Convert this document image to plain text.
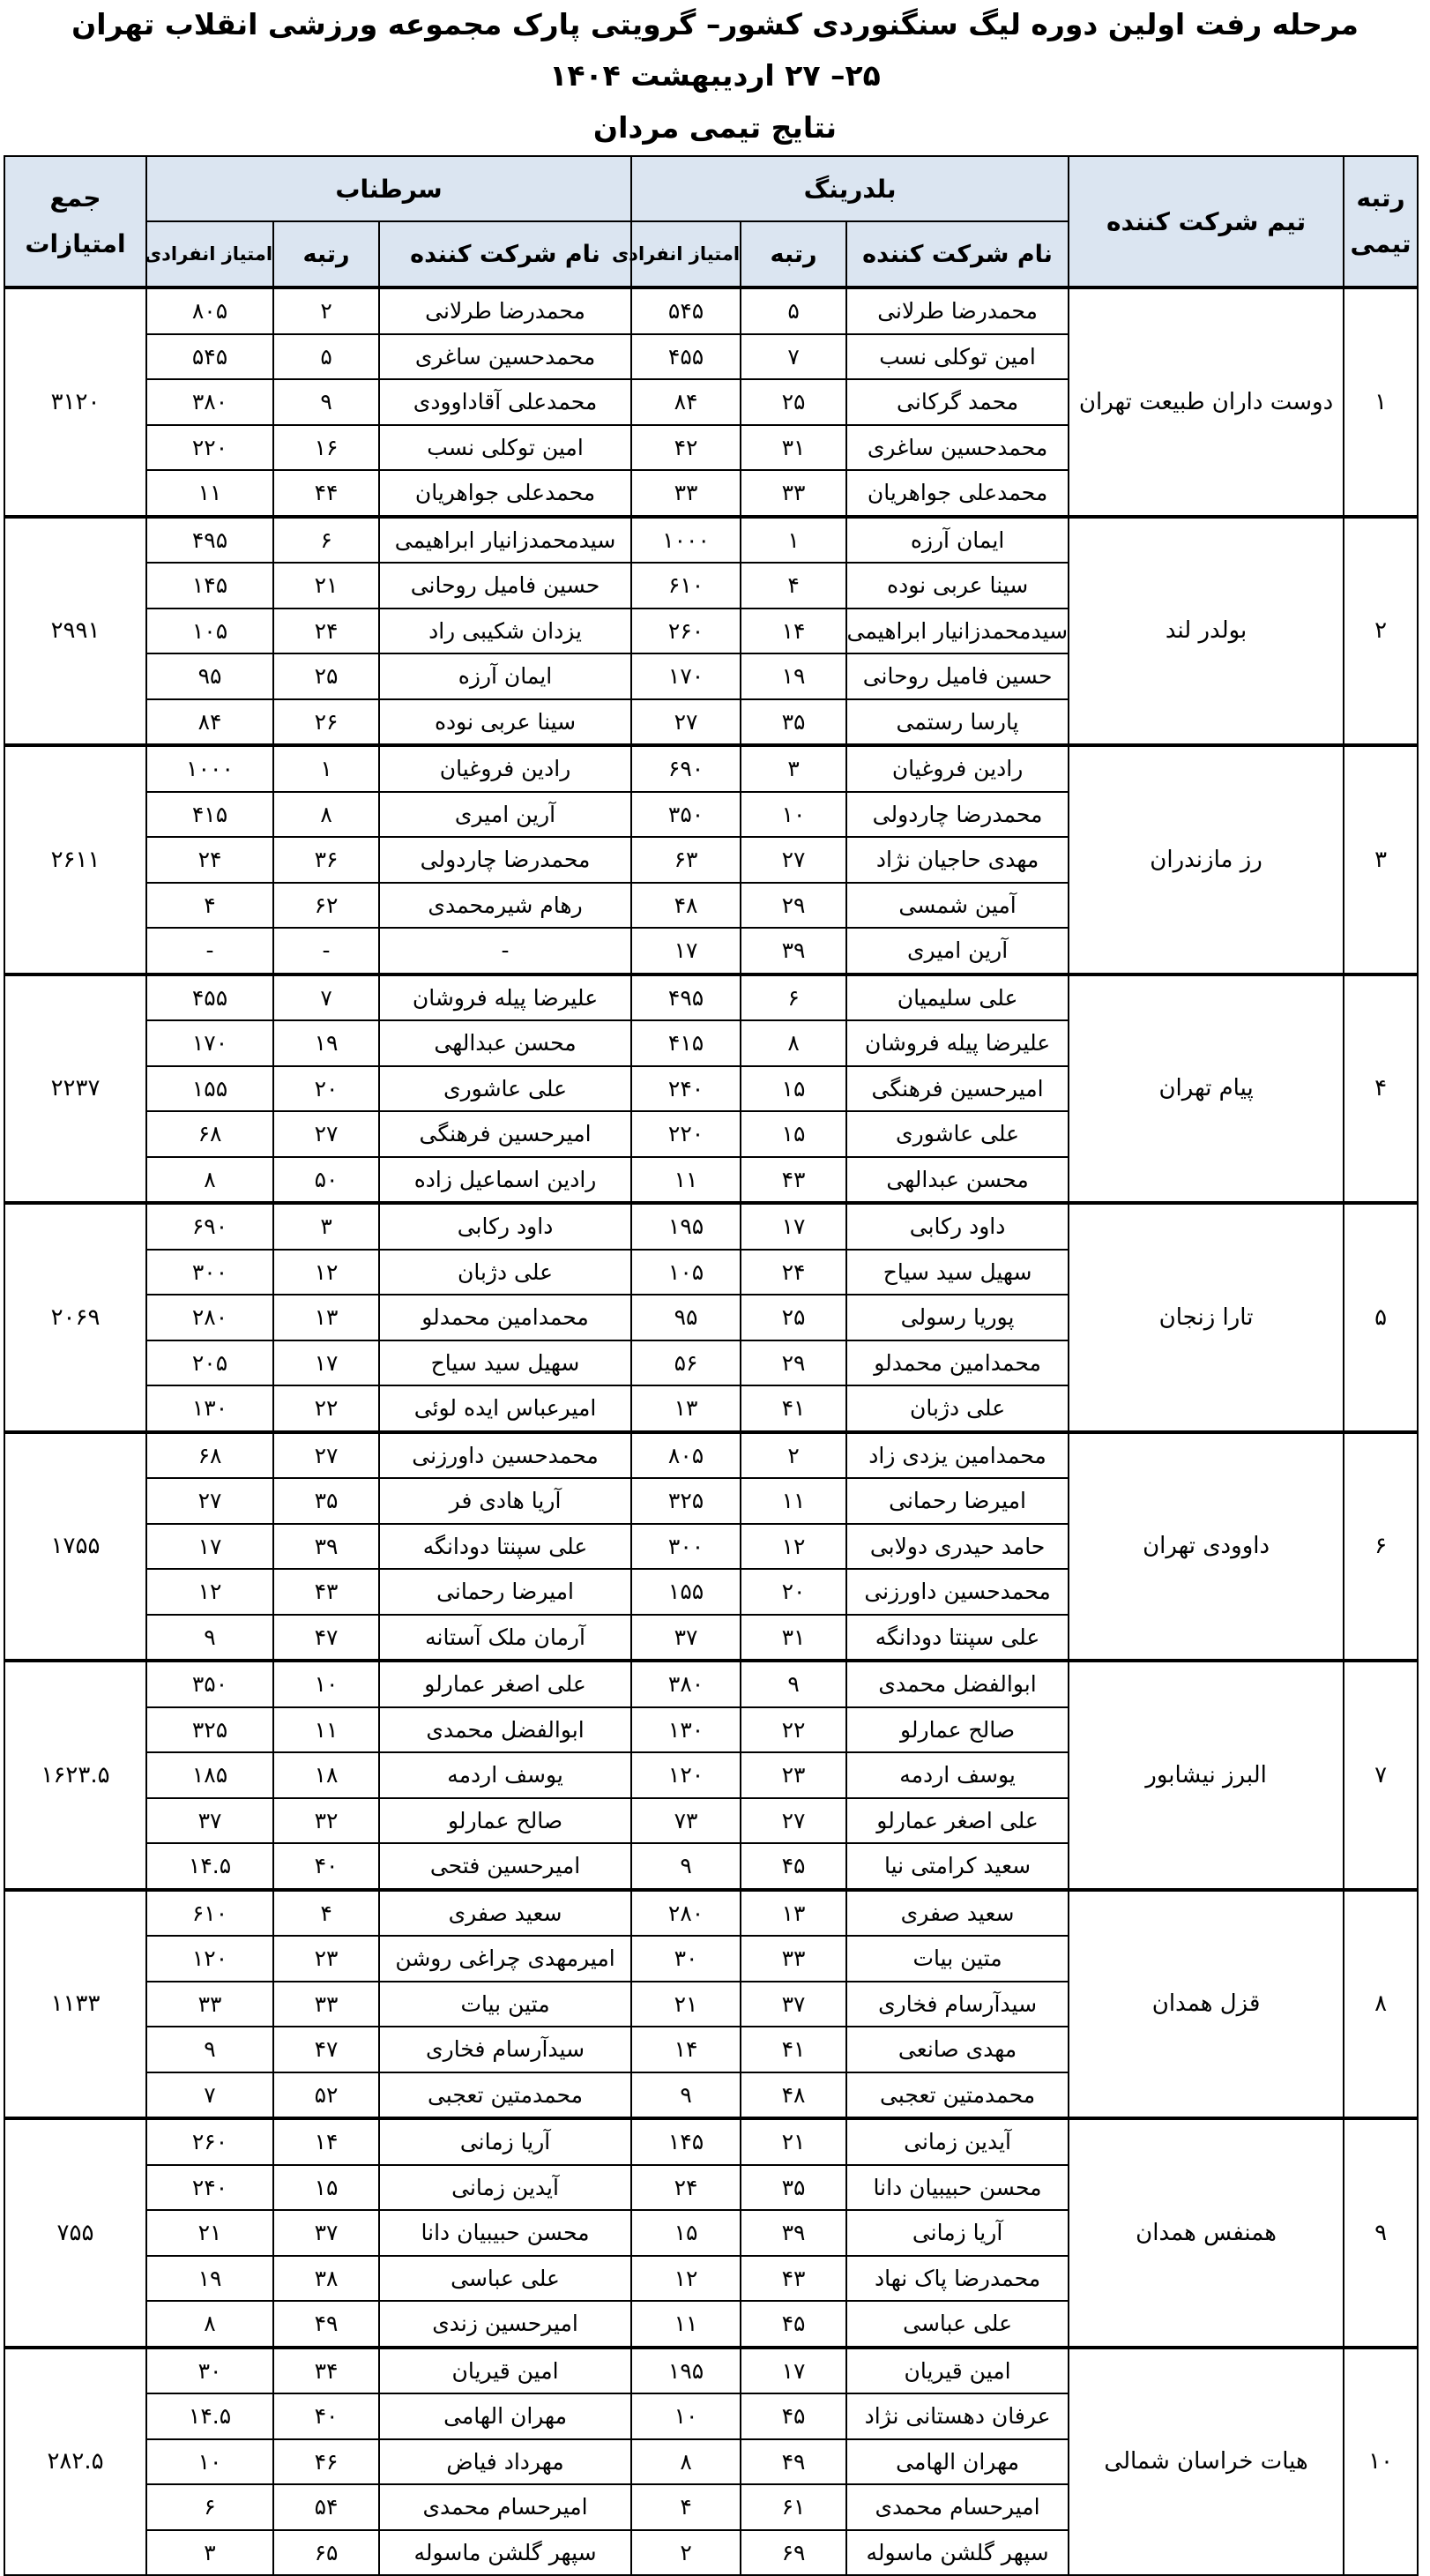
مرحله رفت اولین دوره لیگ سنگنوردی کشور– گرویتی پارک مجموعه ورزشی انقلاب تهران
۲۵– ۲۷ اردیبهشت ۱۴۰۴
نتایج تیمی مردان
رتبه تیمی	تیم شرکت کننده	بلدرینگ			سرطناب			جمع امتیازات
		نام شرکت کننده	رتبه	امتیاز انفرادی	نام شرکت کننده	رتبه	امتیاز انفرادی	
۱	دوست داران طبیعت تهران	محمدرضا طرلانی	۵	۵۴۵	محمدرضا طرلانی	۲	۸۰۵	۳۱۲۰
		امین توکلی نسب	۷	۴۵۵	محمدحسین ساغری	۵	۵۴۵	
		محمد گرکانی	۲۵	۸۴	محمدعلی آقاداوودی	۹	۳۸۰	
		محمدحسین ساغری	۳۱	۴۲	امین توکلی نسب	۱۶	۲۲۰	
		محمدعلی جواهریان	۳۳	۳۳	محمدعلی جواهریان	۴۴	۱۱	
۲	بولدر لند	ایمان آرزه	۱	۱۰۰۰	سیدمحمدزانیار ابراهیمی	۶	۴۹۵	۲۹۹۱
		سینا عربی نوده	۴	۶۱۰	حسین فامیل روحانی	۲۱	۱۴۵	
		سیدمحمدزانیار ابراهیمی	۱۴	۲۶۰	یزدان شکیبی راد	۲۴	۱۰۵	
		حسین فامیل روحانی	۱۹	۱۷۰	ایمان آرزه	۲۵	۹۵	
		پارسا رستمی	۳۵	۲۷	سینا عربی نوده	۲۶	۸۴	
۳	رز مازندران	رادین فروغیان	۳	۶۹۰	رادین فروغیان	۱	۱۰۰۰	۲۶۱۱
		محمدرضا چاردولی	۱۰	۳۵۰	آرین امیری	۸	۴۱۵	
		مهدی حاجیان نژاد	۲۷	۶۳	محمدرضا چاردولی	۳۶	۲۴	
		آمین شمسی	۲۹	۴۸	رهام شیرمحمدی	۶۲	۴	
		آرین امیری	۳۹	۱۷	-	-	-	
۴	پیام تهران	علی سلیمیان	۶	۴۹۵	علیرضا پیله فروشان	۷	۴۵۵	۲۲۳۷
		علیرضا پیله فروشان	۸	۴۱۵	محسن عبدالهی	۱۹	۱۷۰	
		امیرحسین فرهنگی	۱۵	۲۴۰	علی عاشوری	۲۰	۱۵۵	
		علی عاشوری	۱۵	۲۲۰	امیرحسین فرهنگی	۲۷	۶۸	
		محسن عبدالهی	۴۳	۱۱	رادین اسماعیل زاده	۵۰	۸	
۵	تارا زنجان	داود رکابی	۱۷	۱۹۵	داود رکابی	۳	۶۹۰	۲۰۶۹
		سهیل سید سیاح	۲۴	۱۰۵	علی دژبان	۱۲	۳۰۰	
		پوریا رسولی	۲۵	۹۵	محمدامین محمدلو	۱۳	۲۸۰	
		محمدامین محمدلو	۲۹	۵۶	سهیل سید سیاح	۱۷	۲۰۵	
		علی دژبان	۴۱	۱۳	امیرعباس ایده لوئی	۲۲	۱۳۰	
۶	داوودی تهران	محمدامین یزدی زاد	۲	۸۰۵	محمدحسین داورزنی	۲۷	۶۸	۱۷۵۵
		امیرضا رحمانی	۱۱	۳۲۵	آریا هادی فر	۳۵	۲۷	
		حامد حیدری دولابی	۱۲	۳۰۰	علی سپنتا دودانگه	۳۹	۱۷	
		محمدحسین داورزنی	۲۰	۱۵۵	امیرضا رحمانی	۴۳	۱۲	
		علی سپنتا دودانگه	۳۱	۳۷	آرمان ملک آستانه	۴۷	۹	
۷	البرز نیشابور	ابوالفضل محمدی	۹	۳۸۰	علی اصغر عمارلو	۱۰	۳۵۰	۱۶۲۳.۵
		صالح عمارلو	۲۲	۱۳۰	ابوالفضل محمدی	۱۱	۳۲۵	
		یوسف اردمه	۲۳	۱۲۰	یوسف اردمه	۱۸	۱۸۵	
		علی اصغر عمارلو	۲۷	۷۳	صالح عمارلو	۳۲	۳۷	
		سعید کرامتی نیا	۴۵	۹	امیرحسین فتحی	۴۰	۱۴.۵	
۸	قزل همدان	سعید صفری	۱۳	۲۸۰	سعید صفری	۴	۶۱۰	۱۱۳۳
		متین بیات	۳۳	۳۰	امیرمهدی چراغی روشن	۲۳	۱۲۰	
		سیدآرسام فخاری	۳۷	۲۱	متین بیات	۳۳	۳۳	
		مهدی صانعی	۴۱	۱۴	سیدآرسام فخاری	۴۷	۹	
		محمدمتین تعجبی	۴۸	۹	محمدمتین تعجبی	۵۲	۷	
۹	همنفس همدان	آیدین زمانی	۲۱	۱۴۵	آریا زمانی	۱۴	۲۶۰	۷۵۵
		محسن حبیبیان دانا	۳۵	۲۴	آیدین زمانی	۱۵	۲۴۰	
		آریا زمانی	۳۹	۱۵	محسن حبیبیان دانا	۳۷	۲۱	
		محمدرضا پاک نهاد	۴۳	۱۲	علی عباسی	۳۸	۱۹	
		علی عباسی	۴۵	۱۱	امیرحسین زندی	۴۹	۸	
۱۰	هیات خراسان شمالی	امین قیریان	۱۷	۱۹۵	امین قیریان	۳۴	۳۰	۲۸۲.۵
		عرفان دهستانی نژاد	۴۵	۱۰	مهران الهامی	۴۰	۱۴.۵	
		مهران الهامی	۴۹	۸	مهرداد فیاض	۴۶	۱۰	
		امیرحسام محمدی	۶۱	۴	امیرحسام محمدی	۵۴	۶	
		سپهر گلشن ماسوله	۶۹	۲	سپهر گلشن ماسوله	۶۵	۳	
